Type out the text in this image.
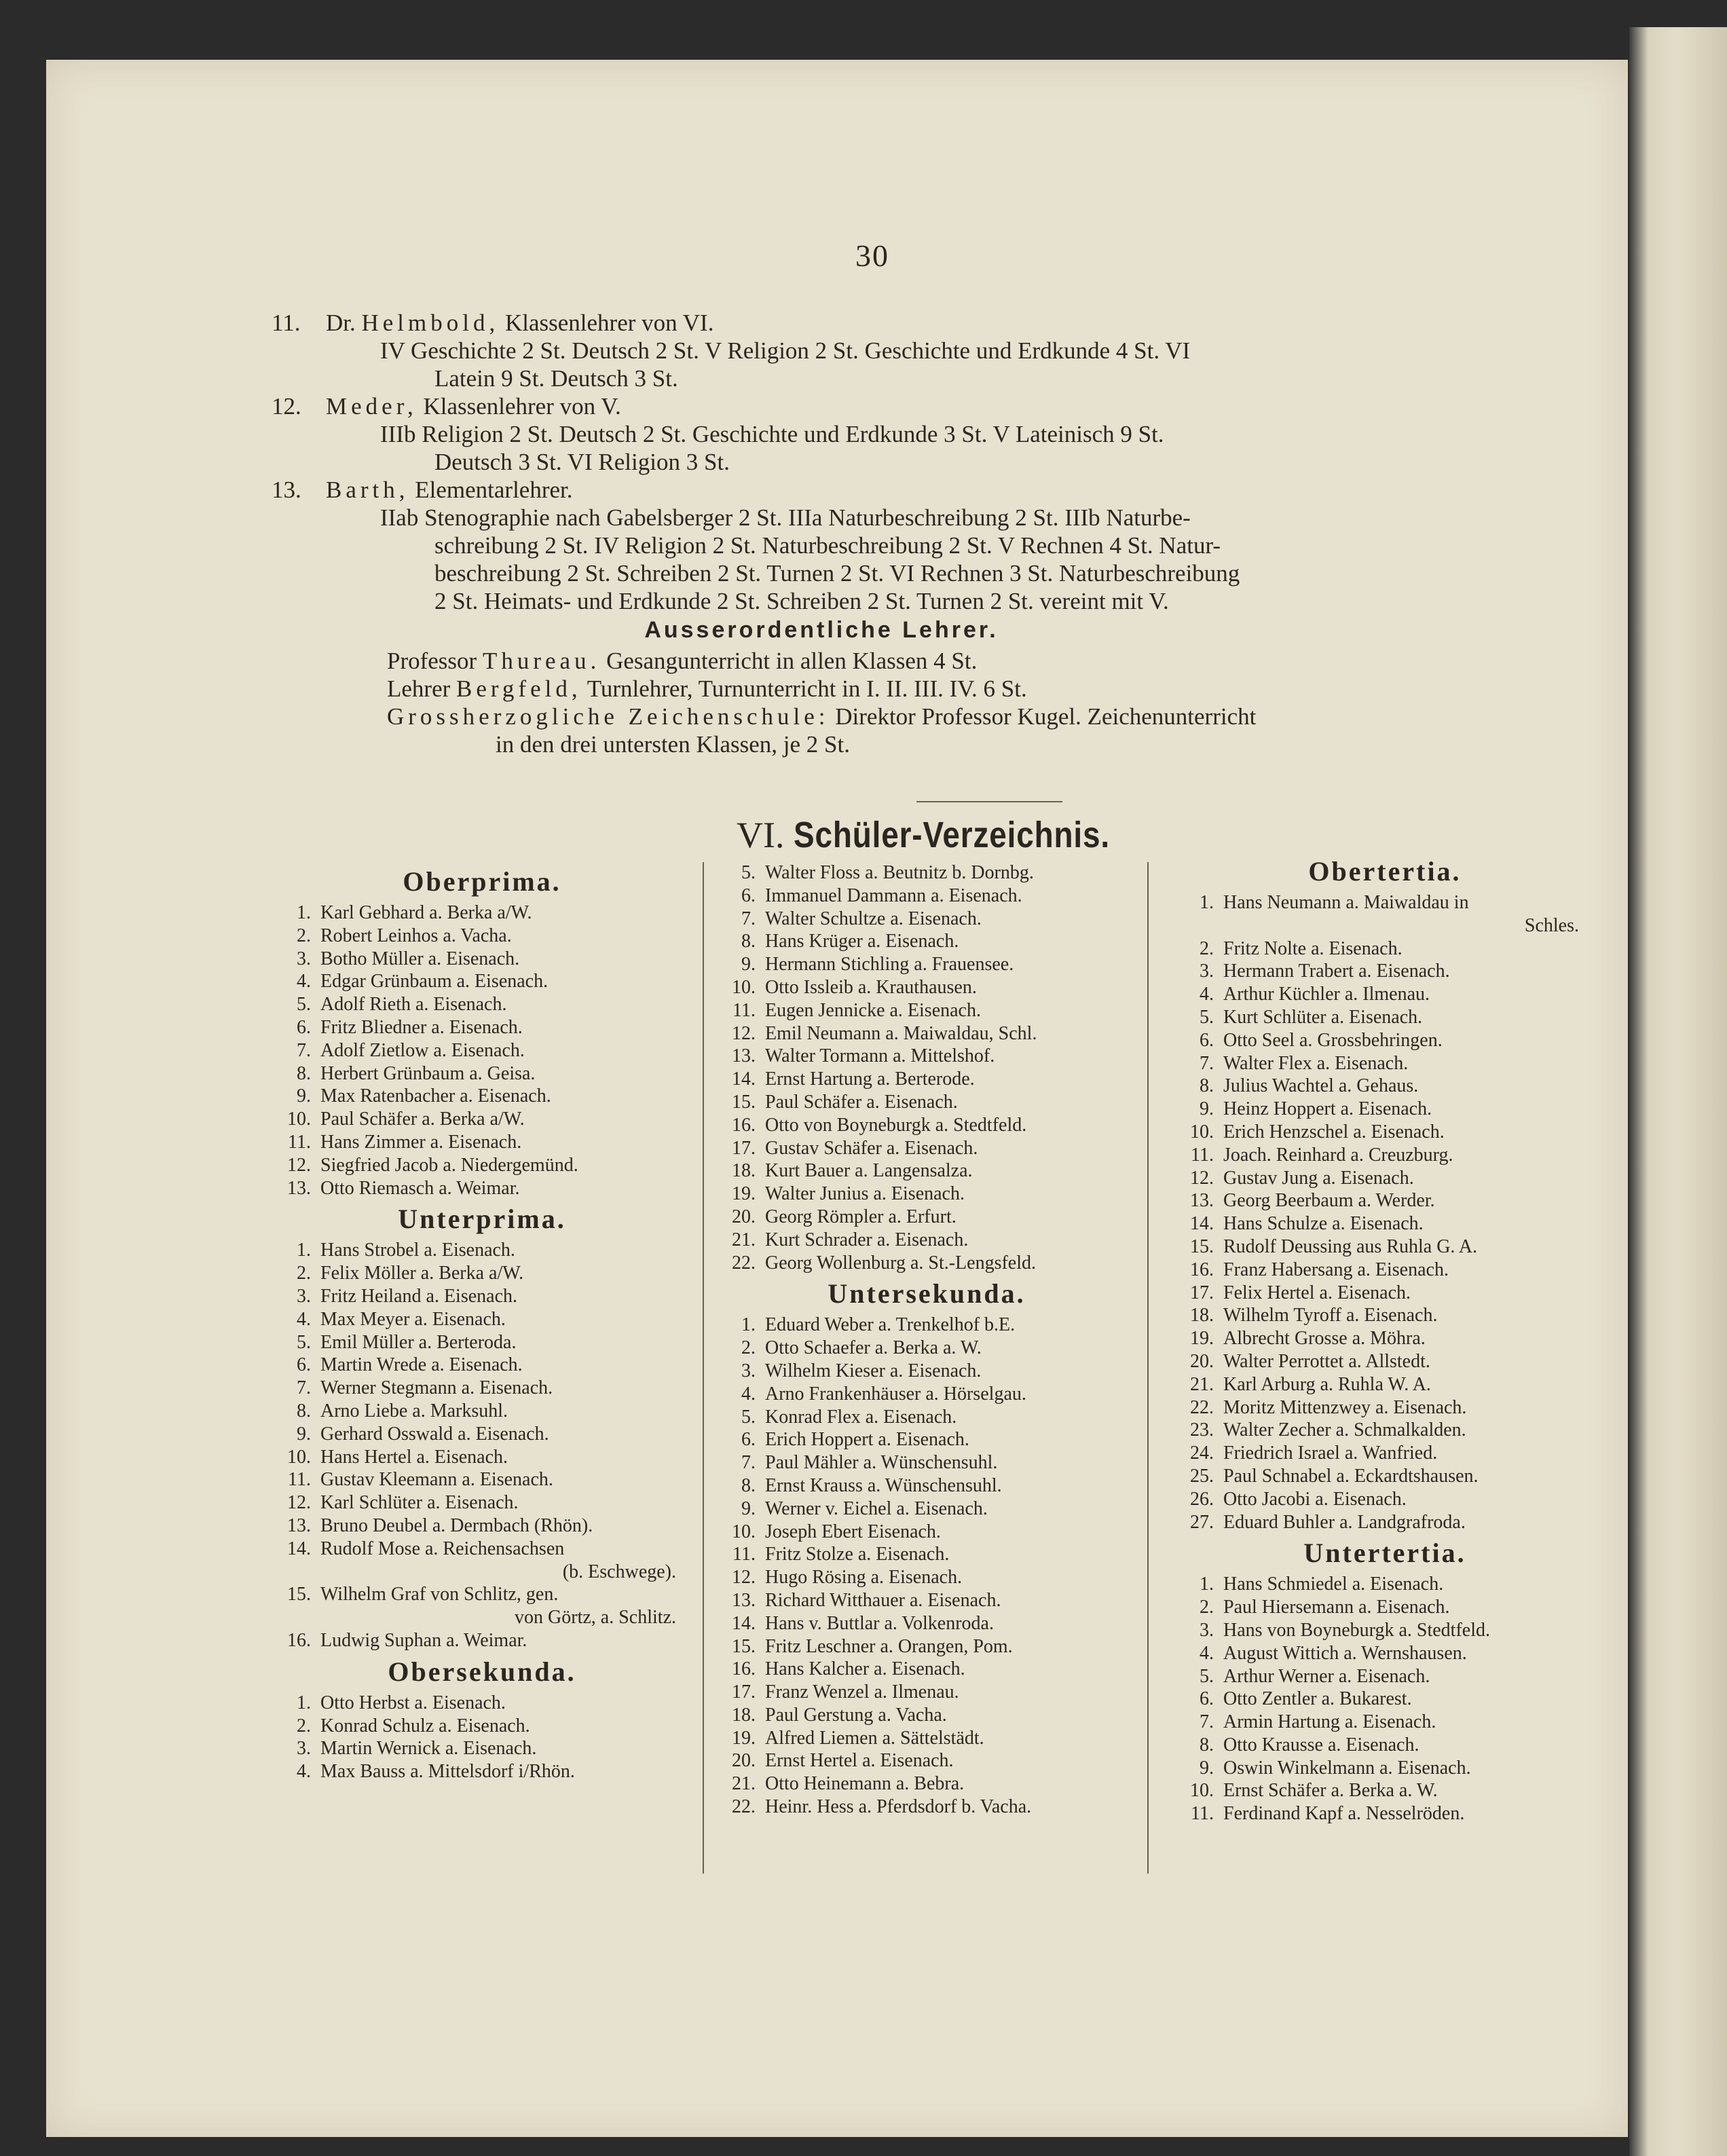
30
11. Dr. Helmbold, Klassenlehrer von VI.
IV Geschichte 2 St. Deutsch 2 St. V Religion 2 St. Geschichte und Erdkunde 4 St. VI
Latein 9 St. Deutsch 3 St.
12. Meder, Klassenlehrer von V.
IIIb Religion 2 St. Deutsch 2 St. Geschichte und Erdkunde 3 St. V Lateinisch 9 St.
Deutsch 3 St. VI Religion 3 St.
13. Barth, Elementarlehrer.
IIab Stenographie nach Gabelsberger 2 St. IIIa Naturbeschreibung 2 St. IIIb Naturbe-
schreibung 2 St. IV Religion 2 St. Naturbeschreibung 2 St. V Rechnen 4 St. Natur-
beschreibung 2 St. Schreiben 2 St. Turnen 2 St. VI Rechnen 3 St. Naturbeschreibung
2 St. Heimats- und Erdkunde 2 St. Schreiben 2 St. Turnen 2 St. vereint mit V.
Ausserordentliche Lehrer.
Professor Thureau. Gesangunterricht in allen Klassen 4 St.
Lehrer Bergfeld, Turnlehrer, Turnunterricht in I. II. III. IV. 6 St.
Grossherzogliche Zeichenschule: Direktor Professor Kugel. Zeichenunterricht
in den drei untersten Klassen, je 2 St.
VI. Schüler-Verzeichnis.
Oberprima.
1. Karl Gebhard a. Berka a/W.
2. Robert Leinhos a. Vacha.
3. Botho Müller a. Eisenach.
4. Edgar Grünbaum a. Eisenach.
5. Adolf Rieth a. Eisenach.
6. Fritz Bliedner a. Eisenach.
7. Adolf Zietlow a. Eisenach.
8. Herbert Grünbaum a. Geisa.
9. Max Ratenbacher a. Eisenach.
10. Paul Schäfer a. Berka a/W.
11. Hans Zimmer a. Eisenach.
12. Siegfried Jacob a. Niedergemünd.
13. Otto Riemasch a. Weimar.
Unterprima.
1. Hans Strobel a. Eisenach.
2. Felix Möller a. Berka a/W.
3. Fritz Heiland a. Eisenach.
4. Max Meyer a. Eisenach.
5. Emil Müller a. Berteroda.
6. Martin Wrede a. Eisenach.
7. Werner Stegmann a. Eisenach.
8. Arno Liebe a. Marksuhl.
9. Gerhard Osswald a. Eisenach.
10. Hans Hertel a. Eisenach.
11. Gustav Kleemann a. Eisenach.
12. Karl Schlüter a. Eisenach.
13. Bruno Deubel a. Dermbach (Rhön).
14. Rudolf Mose a. Reichensachsen
(b. Eschwege).
15. Wilhelm Graf von Schlitz, gen.
von Görtz, a. Schlitz.
16. Ludwig Suphan a. Weimar.
Obersekunda.
1. Otto Herbst a. Eisenach.
2. Konrad Schulz a. Eisenach.
3. Martin Wernick a. Eisenach.
4. Max Bauss a. Mittelsdorf i/Rhön.
5. Walter Floss a. Beutnitz b. Dornbg.
6. Immanuel Dammann a. Eisenach.
7. Walter Schultze a. Eisenach.
8. Hans Krüger a. Eisenach.
9. Hermann Stichling a. Frauensee.
10. Otto Issleib a. Krauthausen.
11. Eugen Jennicke a. Eisenach.
12. Emil Neumann a. Maiwaldau, Schl.
13. Walter Tormann a. Mittelshof.
14. Ernst Hartung a. Berterode.
15. Paul Schäfer a. Eisenach.
16. Otto von Boyneburgk a. Stedtfeld.
17. Gustav Schäfer a. Eisenach.
18. Kurt Bauer a. Langensalza.
19. Walter Junius a. Eisenach.
20. Georg Römpler a. Erfurt.
21. Kurt Schrader a. Eisenach.
22. Georg Wollenburg a. St.-Lengsfeld.
Untersekunda.
1. Eduard Weber a. Trenkelhof b.E.
2. Otto Schaefer a. Berka a. W.
3. Wilhelm Kieser a. Eisenach.
4. Arno Frankenhäuser a. Hörselgau.
5. Konrad Flex a. Eisenach.
6. Erich Hoppert a. Eisenach.
7. Paul Mähler a. Wünschensuhl.
8. Ernst Krauss a. Wünschensuhl.
9. Werner v. Eichel a. Eisenach.
10. Joseph Ebert Eisenach.
11. Fritz Stolze a. Eisenach.
12. Hugo Rösing a. Eisenach.
13. Richard Witthauer a. Eisenach.
14. Hans v. Buttlar a. Volkenroda.
15. Fritz Leschner a. Orangen, Pom.
16. Hans Kalcher a. Eisenach.
17. Franz Wenzel a. Ilmenau.
18. Paul Gerstung a. Vacha.
19. Alfred Liemen a. Sättelstädt.
20. Ernst Hertel a. Eisenach.
21. Otto Heinemann a. Bebra.
22. Heinr. Hess a. Pferdsdorf b. Vacha.
Obertertia.
1. Hans Neumann a. Maiwaldau in
Schles.
2. Fritz Nolte a. Eisenach.
3. Hermann Trabert a. Eisenach.
4. Arthur Küchler a. Ilmenau.
5. Kurt Schlüter a. Eisenach.
6. Otto Seel a. Grossbehringen.
7. Walter Flex a. Eisenach.
8. Julius Wachtel a. Gehaus.
9. Heinz Hoppert a. Eisenach.
10. Erich Henzschel a. Eisenach.
11. Joach. Reinhard a. Creuzburg.
12. Gustav Jung a. Eisenach.
13. Georg Beerbaum a. Werder.
14. Hans Schulze a. Eisenach.
15. Rudolf Deussing aus Ruhla G. A.
16. Franz Habersang a. Eisenach.
17. Felix Hertel a. Eisenach.
18. Wilhelm Tyroff a. Eisenach.
19. Albrecht Grosse a. Möhra.
20. Walter Perrottet a. Allstedt.
21. Karl Arburg a. Ruhla W. A.
22. Moritz Mittenzwey a. Eisenach.
23. Walter Zecher a. Schmalkalden.
24. Friedrich Israel a. Wanfried.
25. Paul Schnabel a. Eckardtshausen.
26. Otto Jacobi a. Eisenach.
27. Eduard Buhler a. Landgrafroda.
Untertertia.
1. Hans Schmiedel a. Eisenach.
2. Paul Hiersemann a. Eisenach.
3. Hans von Boyneburgk a. Stedtfeld.
4. August Wittich a. Wernshausen.
5. Arthur Werner a. Eisenach.
6. Otto Zentler a. Bukarest.
7. Armin Hartung a. Eisenach.
8. Otto Krausse a. Eisenach.
9. Oswin Winkelmann a. Eisenach.
10. Ernst Schäfer a. Berka a. W.
11. Ferdinand Kapf a. Nesselröden.
